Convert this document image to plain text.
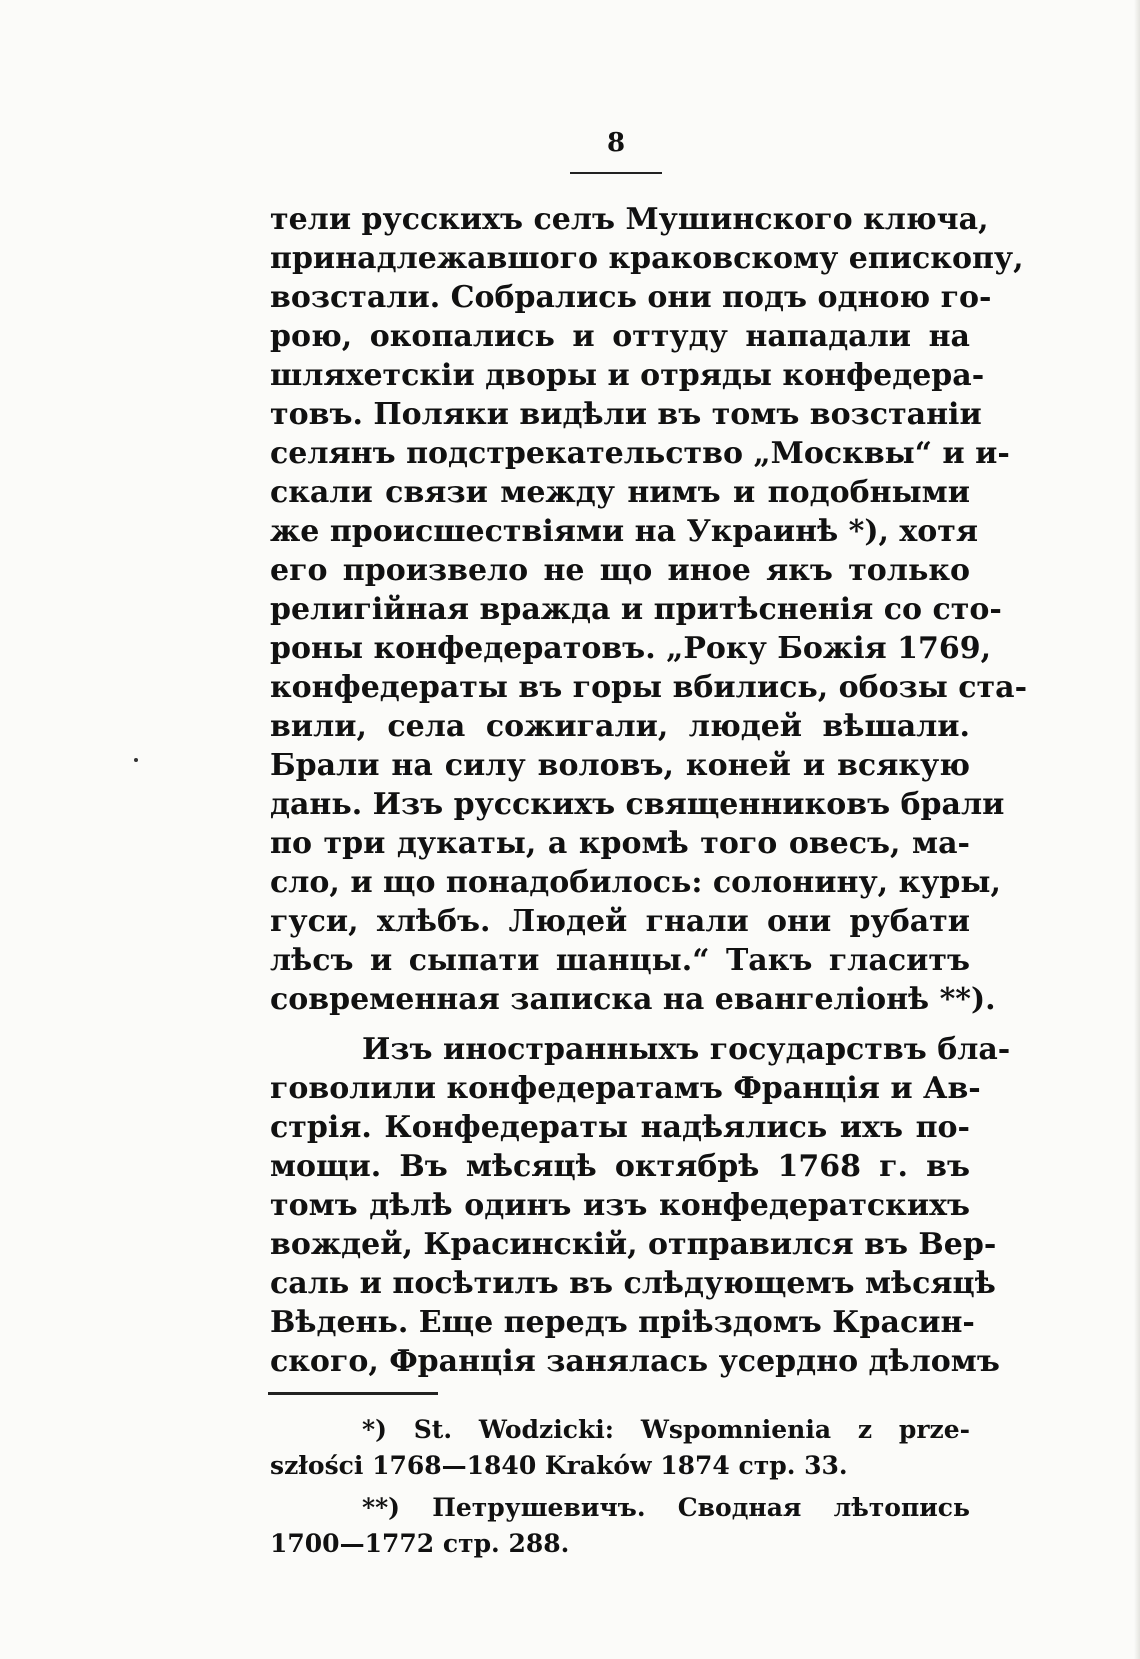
8
тели русскихъ селъ Мушинского ключа,
принадлежавшого краковскому епископу,
возстали. Собрались они подъ одною го-
рою, окопались и оттуду нападали на
шляхетскіи дворы и отряды конфедера-
товъ. Поляки видѣли въ томъ возстаніи
селянъ подстрекательство „Москвы“ и и-
скали связи между нимъ и подобными
же происшествіями на Украинѣ *), хотя
его произвело не що иное якъ только
религійная вражда и притѣсненія со сто-
роны конфедератовъ. „Року Божія 1769,
конфедераты въ горы вбились, обозы ста-
вили, села сожигали, людей вѣшали.
Брали на силу воловъ, коней и всякую
дань. Изъ русскихъ священниковъ брали
по три дукаты, а кромѣ того овесъ, ма-
сло, и що понадобилось: солонину, куры,
гуси, хлѣбъ. Людей гнали они рубати
лѣсъ и сыпати шанцы.“ Такъ гласитъ
современная записка на евангеліонѣ **).
Изъ иностранныхъ государствъ бла-
говолили конфедератамъ Франція и Ав-
стрія. Конфедераты надѣялись ихъ по-
мощи. Въ мѣсяцѣ октябрѣ 1768 г. въ
томъ дѣлѣ одинъ изъ конфедератскихъ
вождей, Красинскій, отправился въ Вер-
саль и посѣтилъ въ слѣдующемъ мѣсяцѣ
Вѣдень. Еще передъ пріѣздомъ Красин-
ского, Франція занялась усердно дѣломъ
*) St. Wodzicki: Wspomnienia z prze-
szłości 1768—1840 Kraków 1874 стр. 33.
**) Петрушевичъ. Сводная лѣтопись
1700—1772 стр. 288.
